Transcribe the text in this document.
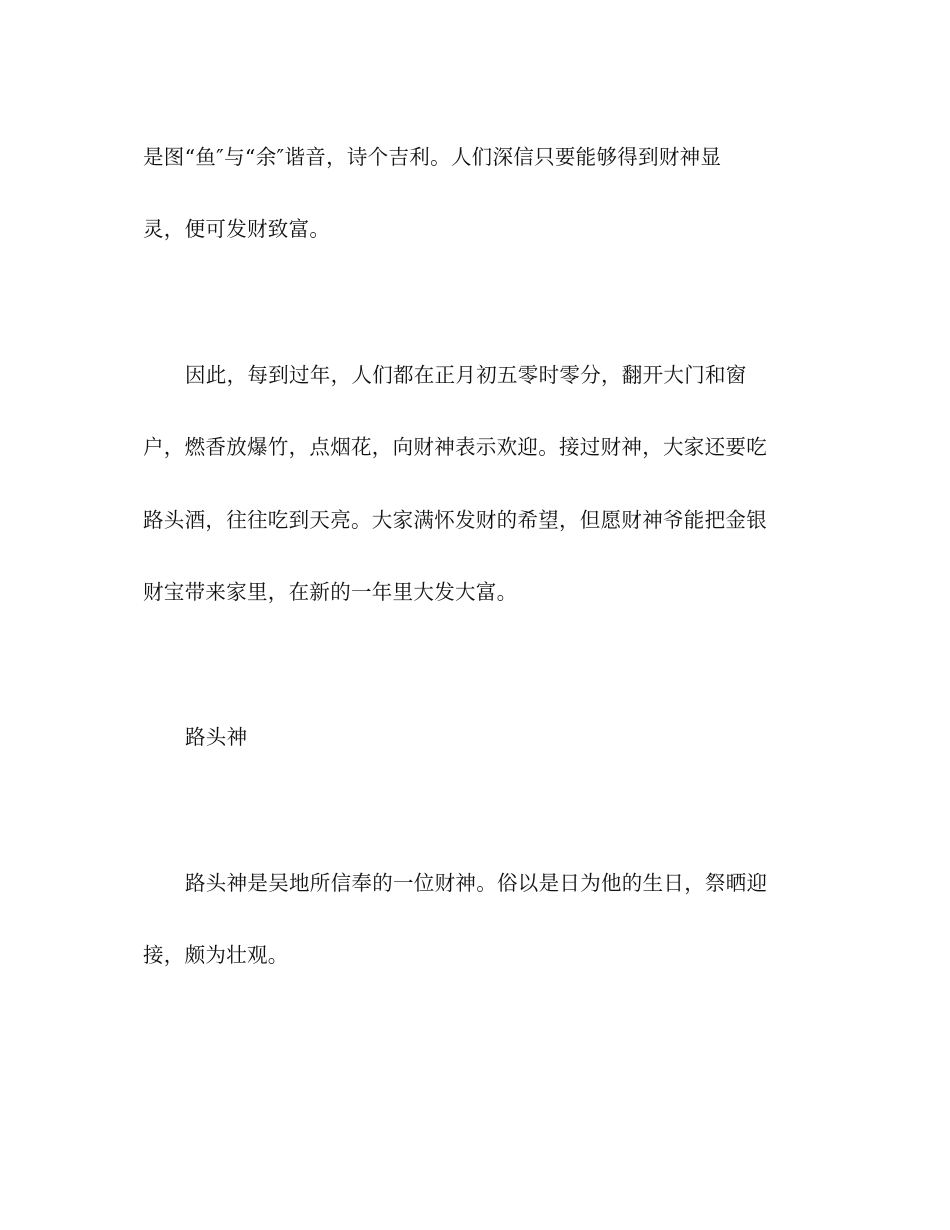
是图“鱼″与“余″谐音，诗个吉利。人们深信只要能够得到财神显

灵，便可发财致富。

因此，每到过年，人们都在正月初五零时零分，翻开大门和窗

户，燃香放爆竹，点烟花，向财神表示欢迎。接过财神，大家还要吃

路头酒，往往吃到天亮。大家满怀发财的希望，但愿财神爷能把金银

财宝带来家里，在新的一年里大发大富。

路头神

路头神是吴地所信奉的一位财神。俗以是日为他的生日，祭晒迎

接，颇为壮观。
